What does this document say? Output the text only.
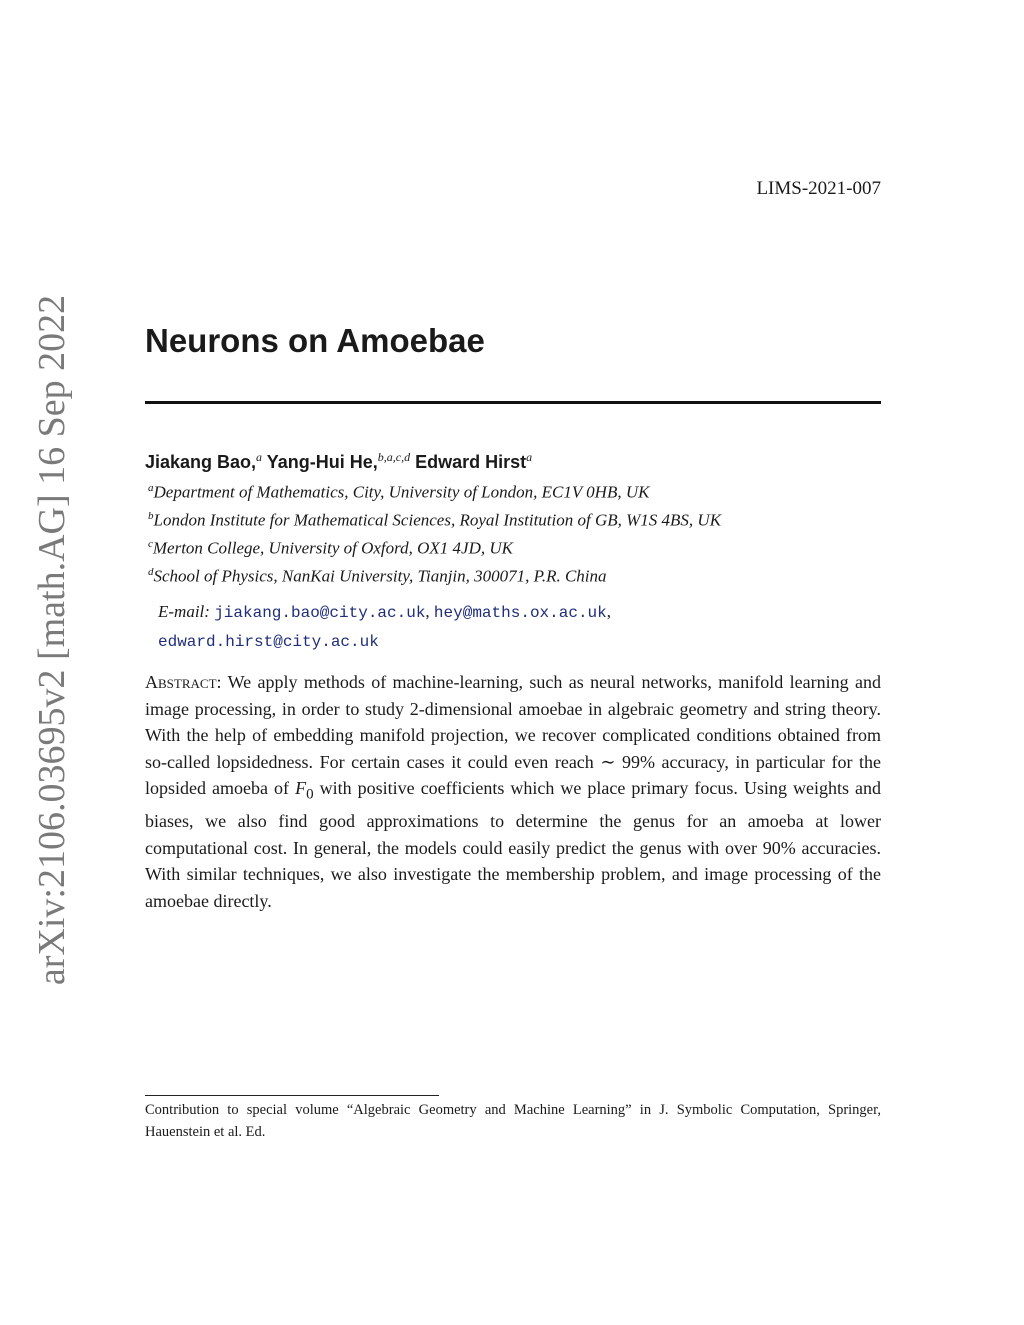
arXiv:2106.03695v2 [math.AG] 16 Sep 2022
LIMS-2021-007
Neurons on Amoebae
Jiakang Bao,$^a$ Yang-Hui He,$^{b,a,c,d}$ Edward Hirst$^a$
$^a$Department of Mathematics, City, University of London, EC1V 0HB, UK
$^b$London Institute for Mathematical Sciences, Royal Institution of GB, W1S 4BS, UK
$^c$Merton College, University of Oxford, OX1 4JD, UK
$^d$School of Physics, NanKai University, Tianjin, 300071, P.R. China
E-mail: jiakang.bao@city.ac.uk, hey@maths.ox.ac.uk,
edward.hirst@city.ac.uk

Abstract: We apply methods of machine-learning, such as neural networks, manifold learning and image processing, in order to study 2-dimensional amoebae in algebraic geometry and string theory. With the help of embedding manifold projection, we recover complicated conditions obtained from so-called lopsidedness. For certain cases it could even reach ∼ 99% accuracy, in particular for the lopsided amoeba of $F_0$ with positive coefficients which we place primary focus. Using weights and biases, we also find good approximations to determine the genus for an amoeba at lower computational cost. In general, the models could easily predict the genus with over 90% accuracies. With similar techniques, we also investigate the membership problem, and image processing of the amoebae directly.

Contribution to special volume “Algebraic Geometry and Machine Learning” in J. Symbolic Computation, Springer, Hauenstein et al. Ed.
